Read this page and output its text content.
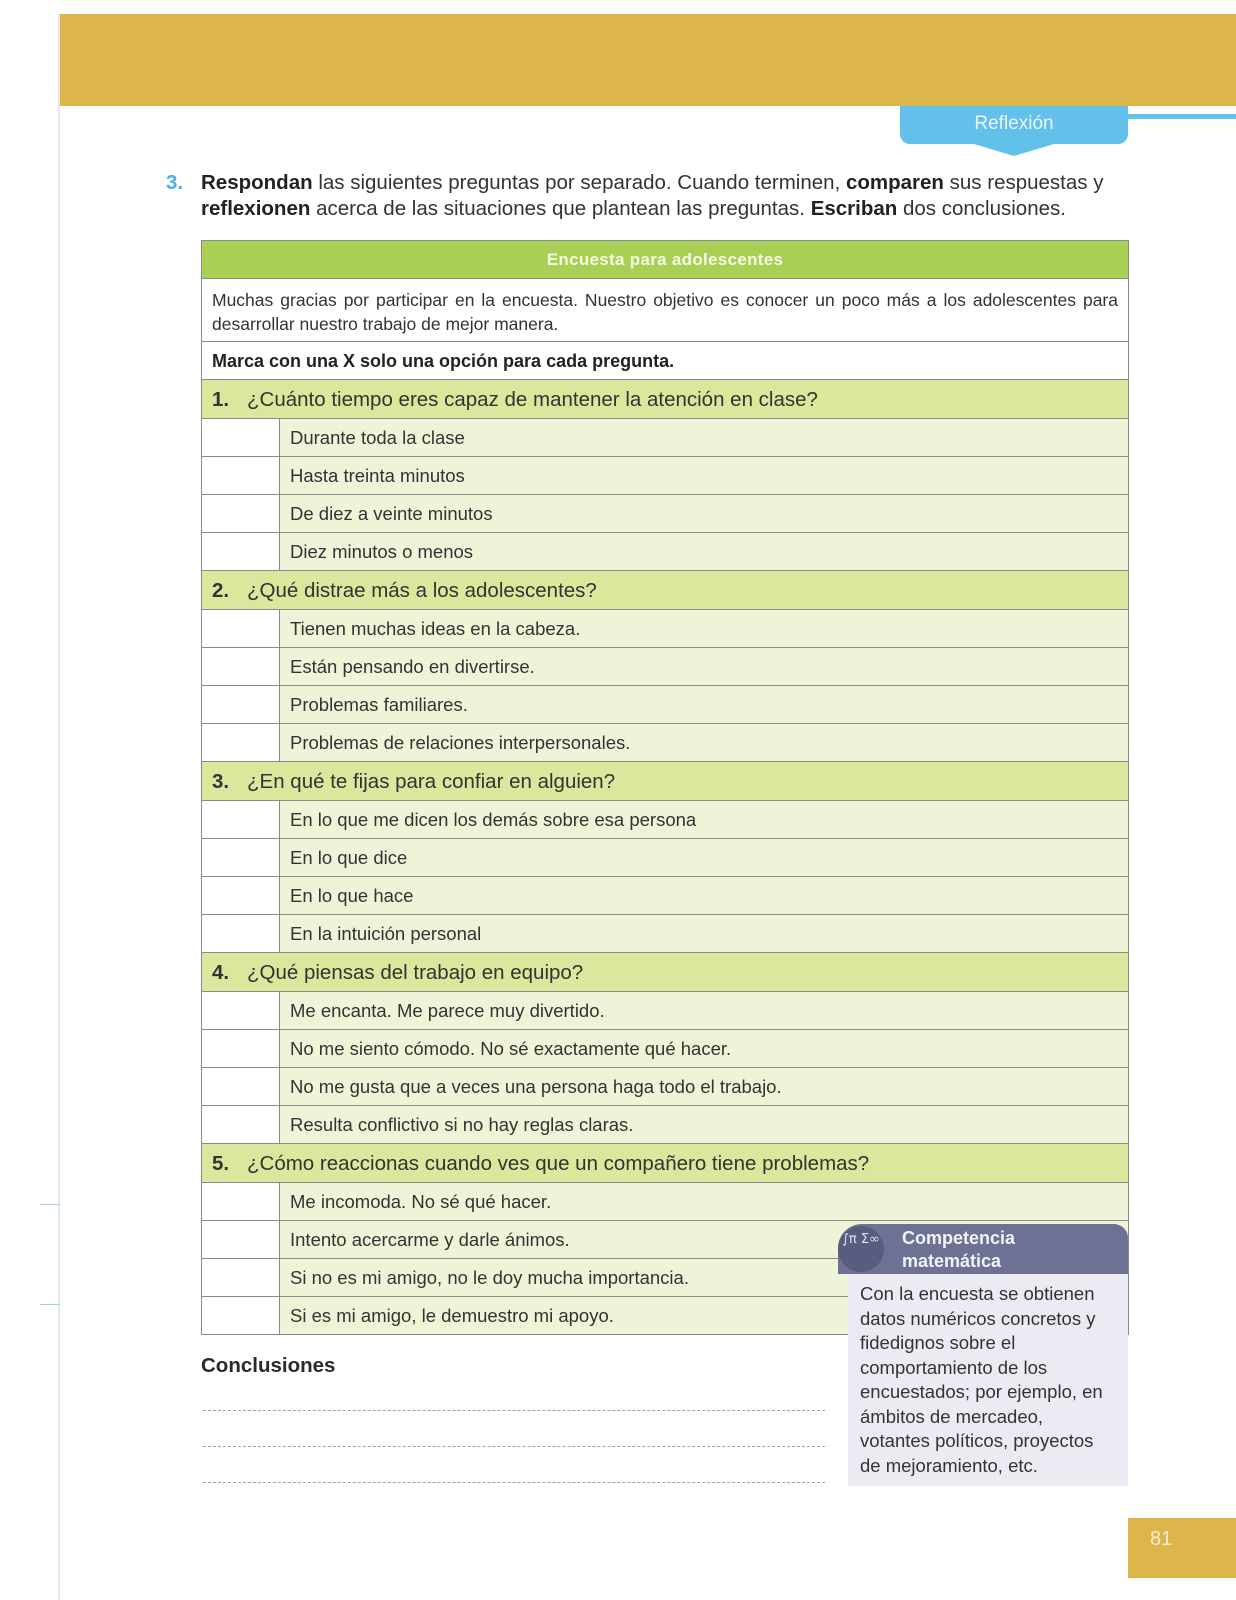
Reflexión
3. Respondan las siguientes preguntas por separado. Cuando terminen, comparen sus respuestas y reflexionen acerca de las situaciones que plantean las preguntas. Escriban dos conclusiones.
Encuesta para adolescentes
Muchas gracias por participar en la encuesta. Nuestro objetivo es conocer un poco más a los adolescentes para desarrollar nuestro trabajo de mejor manera.
Marca con una X solo una opción para cada pregunta.
1. ¿Cuánto tiempo eres capaz de mantener la atención en clase?
Durante toda la clase
Hasta treinta minutos
De diez a veinte minutos
Diez minutos o menos
2. ¿Qué distrae más a los adolescentes?
Tienen muchas ideas en la cabeza.
Están pensando en divertirse.
Problemas familiares.
Problemas de relaciones interpersonales.
3. ¿En qué te fijas para confiar en alguien?
En lo que me dicen los demás sobre esa persona
En lo que dice
En lo que hace
En la intuición personal
4. ¿Qué piensas del trabajo en equipo?
Me encanta. Me parece muy divertido.
No me siento cómodo. No sé exactamente qué hacer.
No me gusta que a veces una persona haga todo el trabajo.
Resulta conflictivo si no hay reglas claras.
5. ¿Cómo reaccionas cuando ves que un compañero tiene problemas?
Me incomoda. No sé qué hacer.
Intento acercarme y darle ánimos.
Si no es mi amigo, no le doy mucha importancia.
Si es mi amigo, le demuestro mi apoyo.
Conclusiones
∫π Σ∞ Competencia
matemática
Con la encuesta se obtienen datos numéricos concretos y fidedignos sobre el comportamiento de los encuestados; por ejemplo, en ámbitos de mercadeo, votantes políticos, proyectos de mejoramiento, etc.
81
